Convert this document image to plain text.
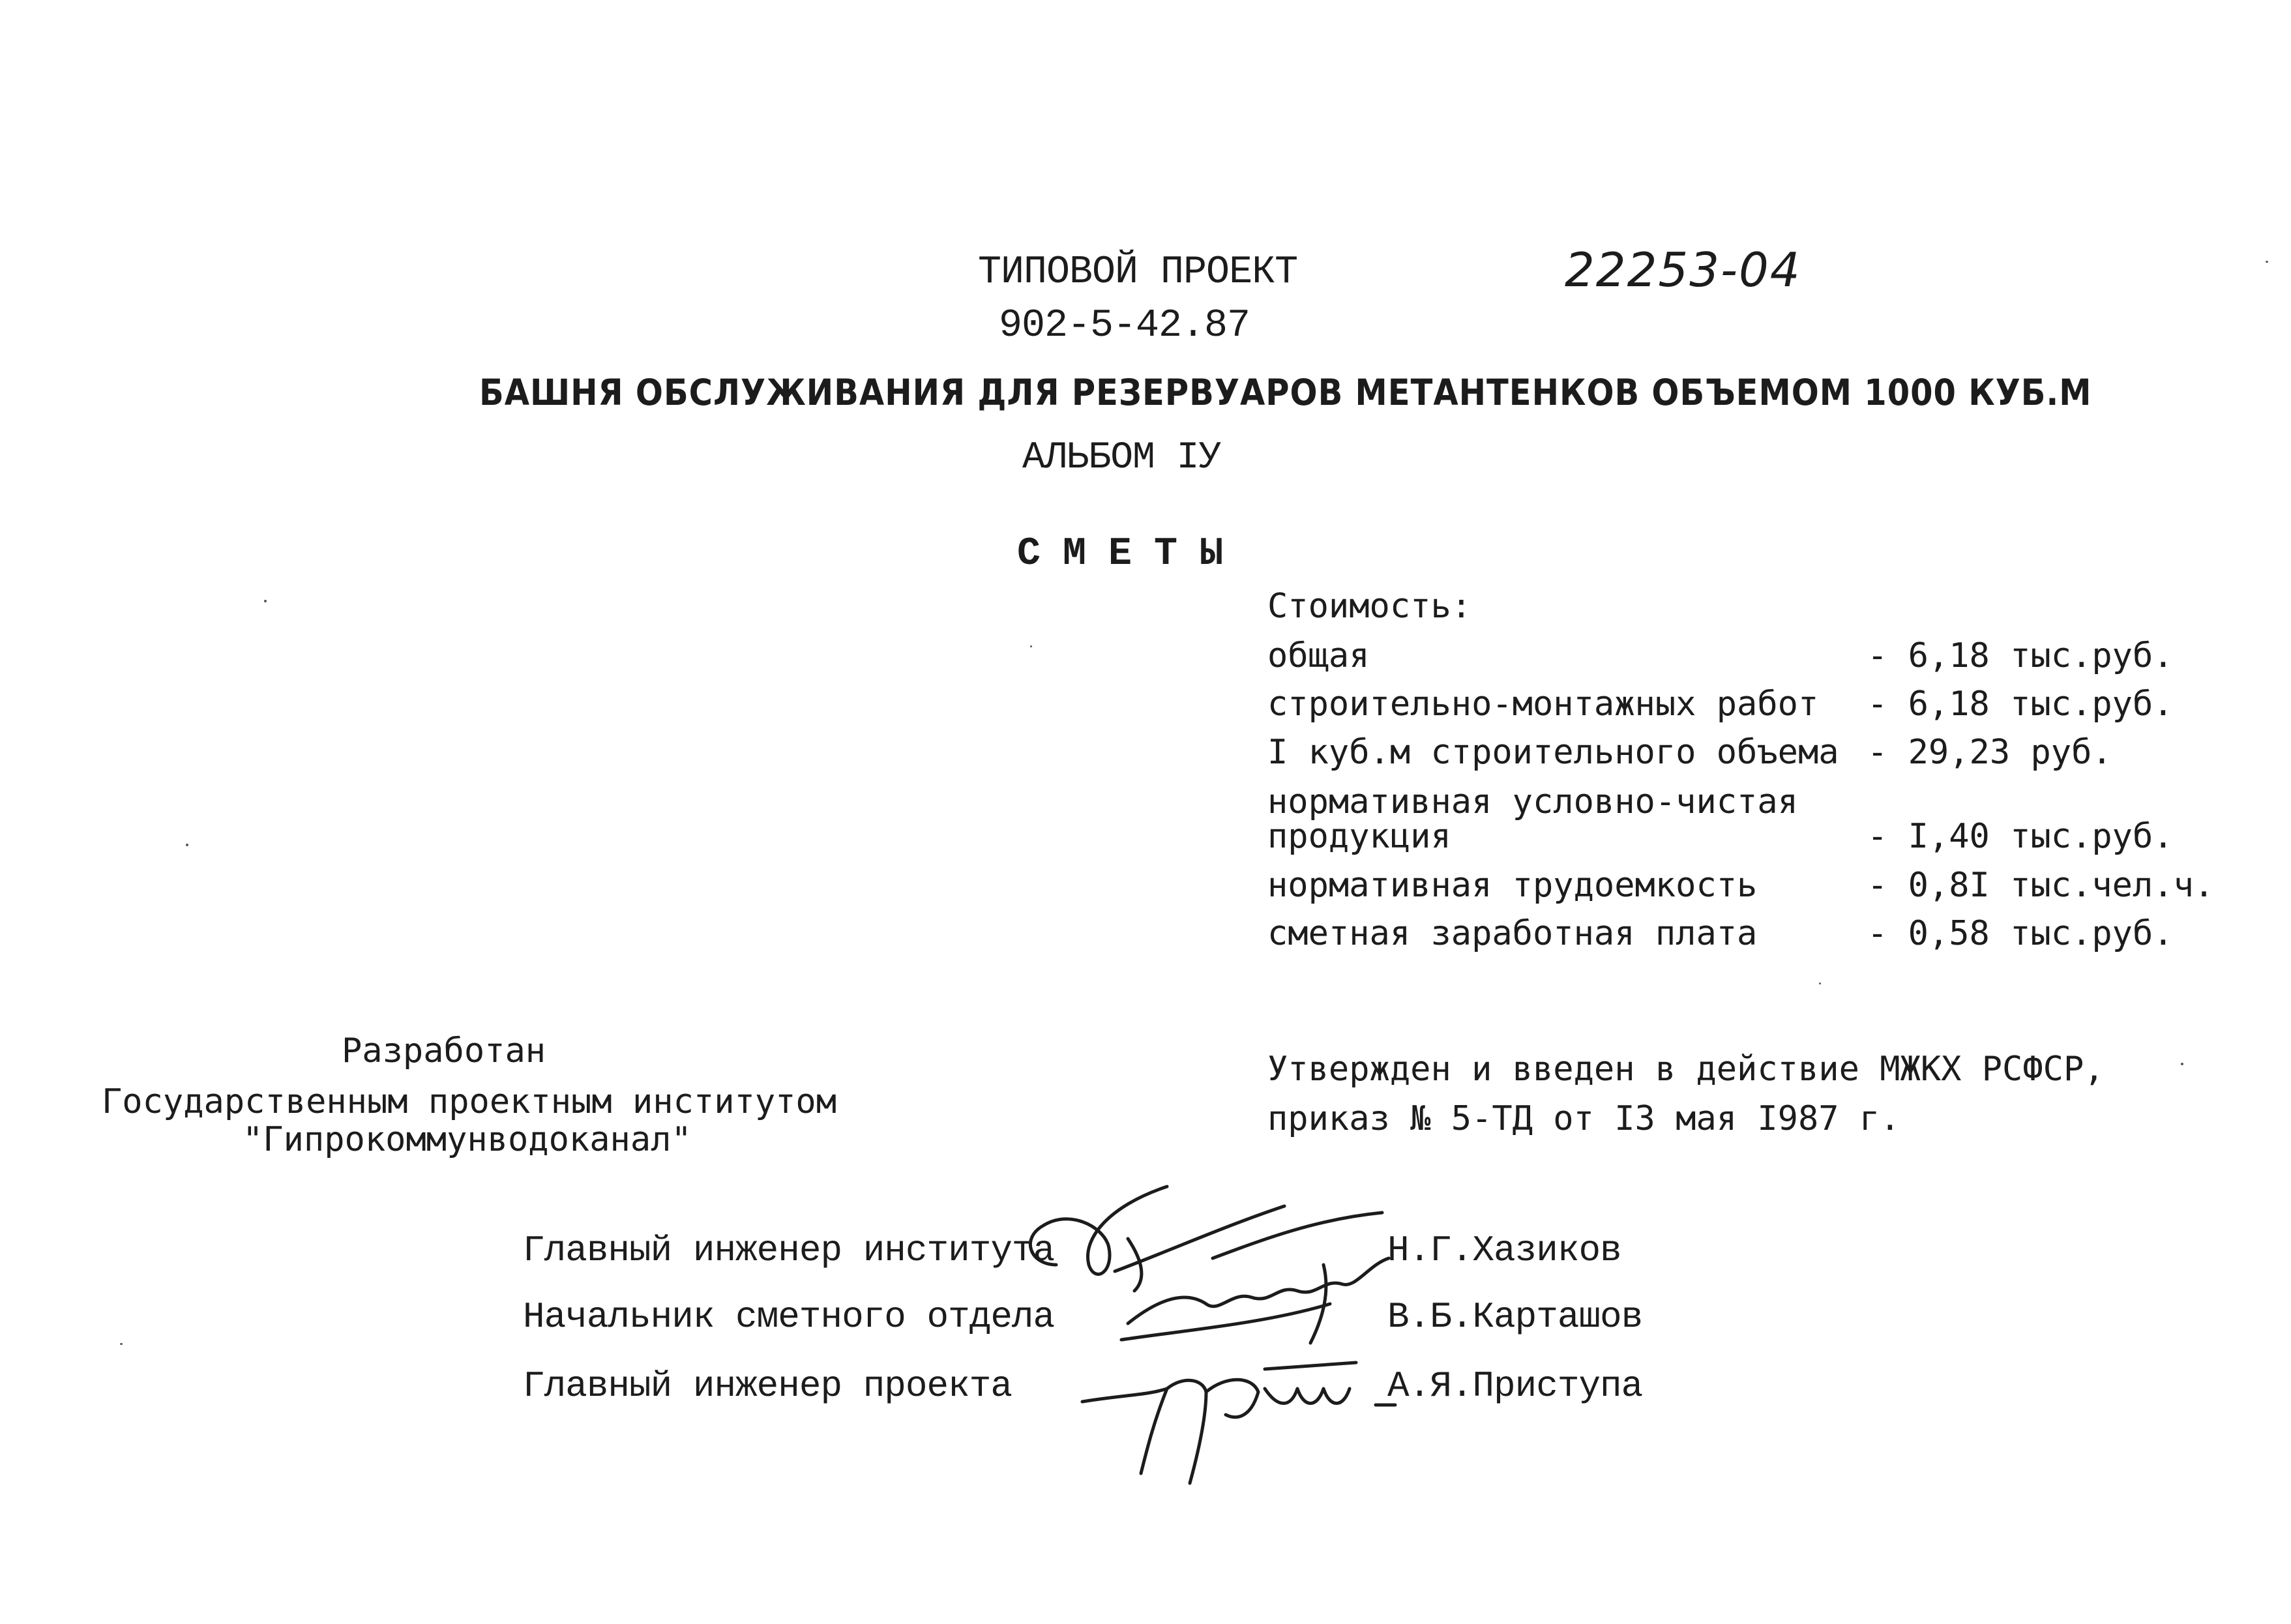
ТИПОВОЙ ПРОЕКТ	22253-04
902-5-42.87
БАШНЯ ОБСЛУЖИВАНИЯ ДЛЯ РЕЗЕРВУАРОВ МЕТАНТЕНКОВ ОБЪЕМОМ 1000 КУБ.М
АЛЬБОМ IУ
С М Е Т Ы
Стоимость:
общая	- 6,18 тыс.руб.
строительно-монтажных работ - 6,18 тыс.руб.
I куб.м строительного объема - 29,23 руб.
нормативная условно-чистая
продукция	- I,40 тыс.руб.
нормативная трудоемкость	- 0,8I тыс.чел.ч.
сметная заработная плата	- 0,58 тыс.руб.
Разработан
Государственным проектным институтом
"Гипрокоммунводоканал"
Утвержден и введен в действие МЖКХ РСФСР,
приказ № 5-ТД от I3 мая I987 г.
Главный инженер института	Н.Г.Хазиков
Начальник сметного отдела	В.Б.Карташов
Главный инженер проекта	А.Я.Приступа
